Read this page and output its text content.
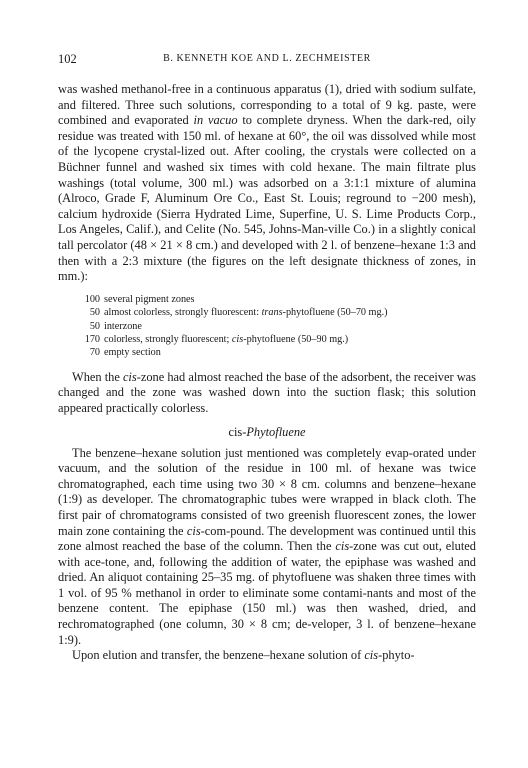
102	B. KENNETH KOE AND L. ZECHMEISTER

was washed methanol-free in a continuous apparatus (1), dried with sodium sulfate, and filtered. Three such solutions, corresponding to a total of 9 kg. paste, were combined and evaporated in vacuo to complete dryness. When the dark-red, oily residue was treated with 150 ml. of hexane at 60°, the oil was dissolved while most of the lycopene crystal-lized out. After cooling, the crystals were collected on a Büchner funnel and washed six times with cold hexane. The main filtrate plus washings (total volume, 300 ml.) was adsorbed on a 3:1:1 mixture of alumina (Alroco, Grade F, Aluminum Ore Co., East St. Louis; reground to −200 mesh), calcium hydroxide (Sierra Hydrated Lime, Superfine, U. S. Lime Products Corp., Los Angeles, Calif.), and Celite (No. 545, Johns-Man-ville Co.) in a slightly conical tall percolator (48 × 21 × 8 cm.) and developed with 2 l. of benzene–hexane 1:3 and then with a 2:3 mixture (the figures on the left designate thickness of zones, in mm.):

100 several pigment zones
50 almost colorless, strongly fluorescent: trans-phytofluene (50–70 mg.)
50 interzone
170 colorless, strongly fluorescent; cis-phytofluene (50–90 mg.)
70 empty section

When the cis-zone had almost reached the base of the adsorbent, the receiver was changed and the zone was washed down into the suction flask; this solution appeared practically colorless.

cis-Phytofluene

The benzene–hexane solution just mentioned was completely evap-orated under vacuum, and the solution of the residue in 100 ml. of hexane was twice chromatographed, each time using two 30 × 8 cm. columns and benzene–hexane (1:9) as developer. The chromatographic tubes were wrapped in black cloth. The first pair of chromatograms consisted of two greenish fluorescent zones, the lower main zone containing the cis-com-pound. The development was continued until this zone almost reached the base of the column. Then the cis-zone was cut out, eluted with ace-tone, and, following the addition of water, the epiphase was washed and dried. An aliquot containing 25–35 mg. of phytofluene was shaken three times with 1 vol. of 95 % methanol in order to eliminate some contami-nants and most of the benzene content. The epiphase (150 ml.) was then washed, dried, and rechromatographed (one column, 30 × 8 cm; de-veloper, 3 l. of benzene–hexane 1:9).

Upon elution and transfer, the benzene–hexane solution of cis-phyto-
